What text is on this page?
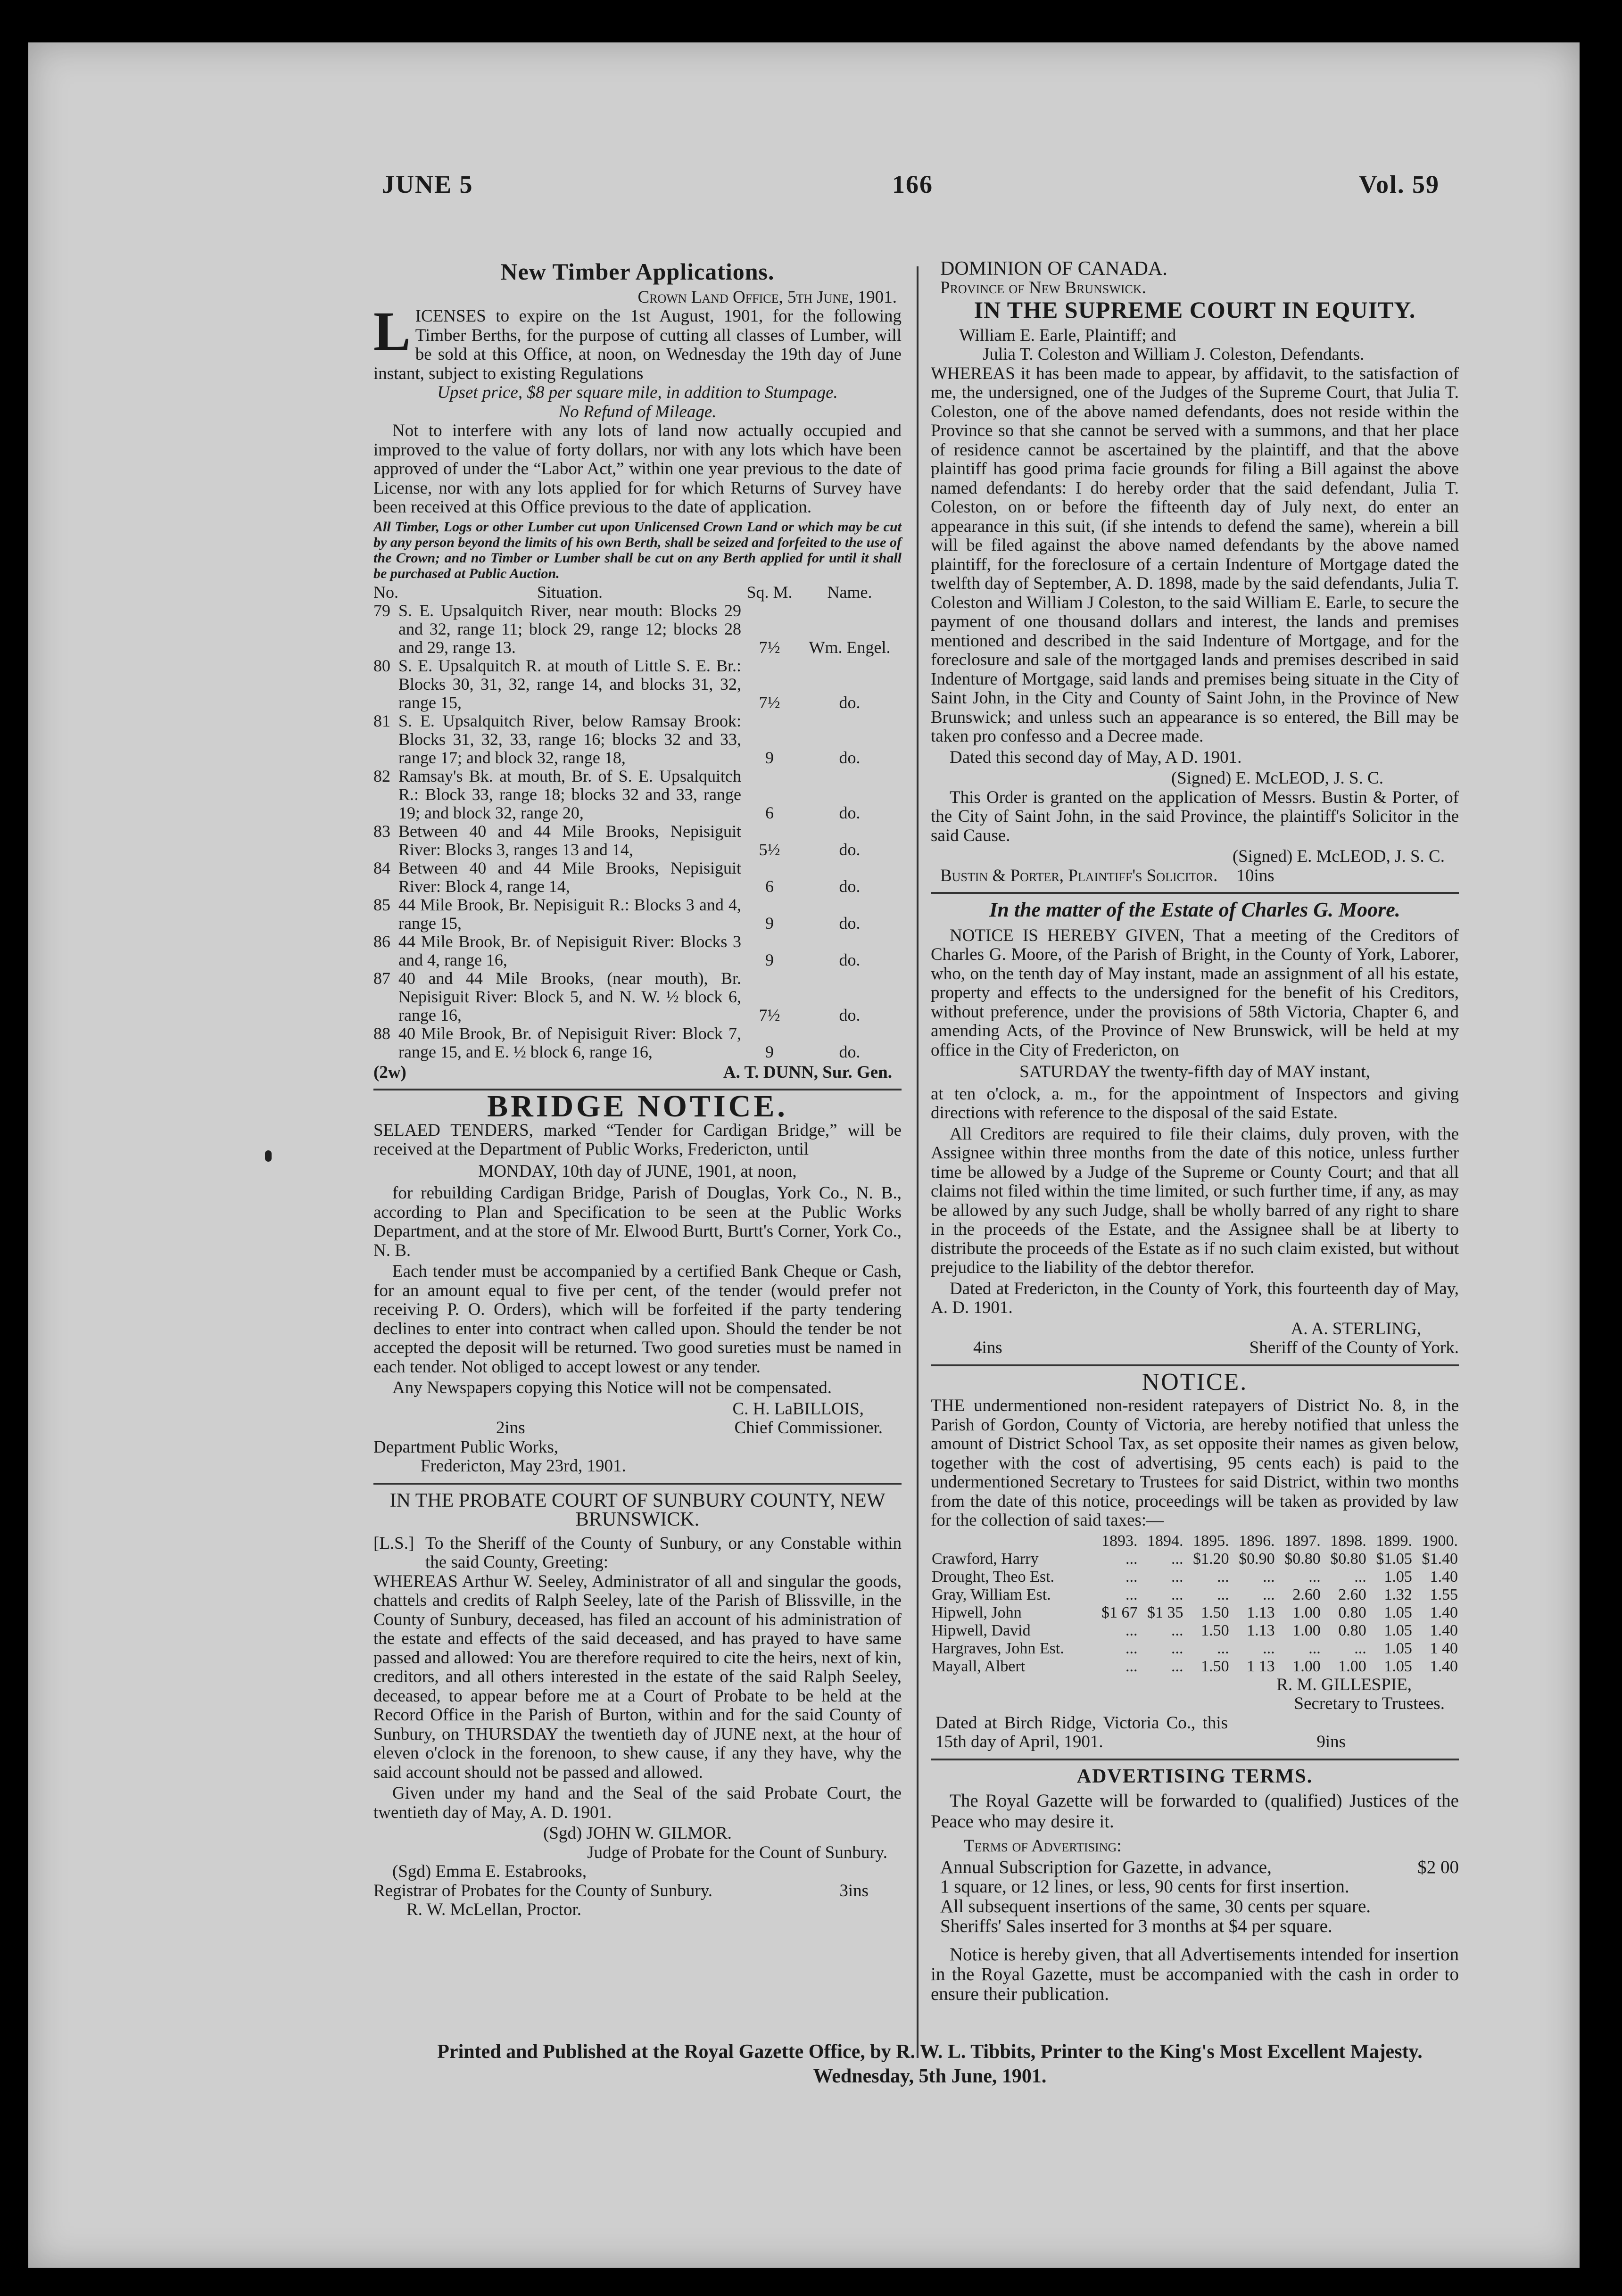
JUNE 5	166	Vol. 59
New Timber Applications.
Crown Land Office, 5th June, 1901.
L ICENSES to expire on the 1st August, 1901, for the following Timber Berths, for the purpose of cutting all classes of Lumber, will be sold at this Office, at noon, on Wednesday the 19th day of June instant, subject to existing Regulations
Upset price, $8 per square mile, in addition to Stumpage.
No Refund of Mileage.
Not to interfere with any lots of land now actually occupied and improved to the value of forty dollars, nor with any lots which have been approved of under the “Labor Act,” within one year previous to the date of License, nor with any lots applied for for which Returns of Survey have been received at this Office previous to the date of application.
All Timber, Logs or other Lumber cut upon Unlicensed Crown Land or which may be cut by any person beyond the limits of his own Berth, shall be seized and forfeited to the use of the Crown; and no Timber or Lumber shall be cut on any Berth applied for until it shall be purchased at Public Auction.
No.	Situation.	Sq. M.	Name.
79	S. E. Upsalquitch River, near mouth: Blocks 29 and 32, range 11; block 29, range 12; blocks 28 and 29, range 13.	7½	Wm. Engel.
80	S. E. Upsalquitch R. at mouth of Little S. E. Br.: Blocks 30, 31, 32, range 14, and blocks 31, 32, range 15,	7½	do.
81	S. E. Upsalquitch River, below Ramsay Brook: Blocks 31, 32, 33, range 16; blocks 32 and 33, range 17; and block 32, range 18,	9	do.
82	Ramsay's Bk. at mouth, Br. of S. E. Upsalquitch R.: Block 33, range 18; blocks 32 and 33, range 19; and block 32, range 20,	6	do.
83	Between 40 and 44 Mile Brooks, Nepisiguit River: Blocks 3, ranges 13 and 14,	5½	do.
84	Between 40 and 44 Mile Brooks, Nepisiguit River: Block 4, range 14,	6	do.
85	44 Mile Brook, Br. Nepisiguit R.: Blocks 3 and 4, range 15,	9	do.
86	44 Mile Brook, Br. of Nepisiguit River: Blocks 3 and 4, range 16,	9	do.
87	40 and 44 Mile Brooks, (near mouth), Br. Nepisiguit River: Block 5, and N. W. ½ block 6, range 16,	7½	do.
88	40 Mile Brook, Br. of Nepisiguit River: Block 7, range 15, and E. ½ block 6, range 16,	9	do.
(2w)	A. T. DUNN, Sur. Gen.
BRIDGE NOTICE.
SELAED TENDERS, marked “Tender for Cardigan Bridge,” will be received at the Department of Public Works, Fredericton, until
MONDAY, 10th day of JUNE, 1901, at noon,
for rebuilding Cardigan Bridge, Parish of Douglas, York Co., N. B., according to Plan and Specification to be seen at the Public Works Department, and at the store of Mr. Elwood Burtt, Burtt's Corner, York Co., N. B.
Each tender must be accompanied by a certified Bank Cheque or Cash, for an amount equal to five per cent, of the tender (would prefer not receiving P. O. Orders), which will be forfeited if the party tendering declines to enter into contract when called upon. Should the tender be not accepted the deposit will be returned. Two good sureties must be named in each tender. Not obliged to accept lowest or any tender.
Any Newspapers copying this Notice will not be compensated.
C. H. LaBILLOIS,
2ins	Chief Commissioner.
Department Public Works,
Fredericton, May 23rd, 1901.
IN THE PROBATE COURT OF SUNBURY COUNTY, NEW BRUNSWICK.
[L.S.] To the Sheriff of the County of Sunbury, or any Constable within the said County, Greeting:
WHEREAS Arthur W. Seeley, Administrator of all and singular the goods, chattels and credits of Ralph Seeley, late of the Parish of Blissville, in the County of Sunbury, deceased, has filed an account of his administration of the estate and effects of the said deceased, and has prayed to have same passed and allowed: You are therefore required to cite the heirs, next of kin, creditors, and all others interested in the estate of the said Ralph Seeley, deceased, to appear before me at a Court of Probate to be held at the Record Office in the Parish of Burton, within and for the said County of Sunbury, on THURSDAY the twentieth day of JUNE next, at the hour of eleven o'clock in the forenoon, to shew cause, if any they have, why the said account should not be passed and allowed.
Given under my hand and the Seal of the said Probate Court, the twentieth day of May, A. D. 1901.
(Sgd) JOHN W. GILMOR.
Judge of Probate for the Count of Sunbury.
(Sgd) Emma E. Estabrooks,
Registrar of Probates for the County of Sunbury.	3ins
R. W. McLellan, Proctor.
DOMINION OF CANADA.
Province of New Brunswick.
IN THE SUPREME COURT IN EQUITY.
William E. Earle, Plaintiff; and
Julia T. Coleston and William J. Coleston, Defendants.
WHEREAS it has been made to appear, by affidavit, to the satisfaction of me, the undersigned, one of the Judges of the Supreme Court, that Julia T. Coleston, one of the above named defendants, does not reside within the Province so that she cannot be served with a summons, and that her place of residence cannot be ascertained by the plaintiff, and that the above plaintiff has good prima facie grounds for filing a Bill against the above named defendants: I do hereby order that the said defendant, Julia T. Coleston, on or before the fifteenth day of July next, do enter an appearance in this suit, (if she intends to defend the same), wherein a bill will be filed against the above named defendants by the above named plaintiff, for the foreclosure of a certain Indenture of Mortgage dated the twelfth day of September, A. D. 1898, made by the said defendants, Julia T. Coleston and William J Coleston, to the said William E. Earle, to secure the payment of one thousand dollars and interest, the lands and premises mentioned and described in the said Indenture of Mortgage, and for the foreclosure and sale of the mortgaged lands and premises described in said Indenture of Mortgage, said lands and premises being situate in the City of Saint John, in the City and County of Saint John, in the Province of New Brunswick; and unless such an appearance is so entered, the Bill may be taken pro confesso and a Decree made.
Dated this second day of May, A D. 1901.
(Signed) E. McLEOD, J. S. C.
This Order is granted on the application of Messrs. Bustin & Porter, of the City of Saint John, in the said Province, the plaintiff's Solicitor in the said Cause.
(Signed) E. McLEOD, J. S. C.
Bustin & Porter, Plaintiff's Solicitor. 10ins
In the matter of the Estate of Charles G. Moore.
NOTICE IS HEREBY GIVEN, That a meeting of the Creditors of Charles G. Moore, of the Parish of Bright, in the County of York, Laborer, who, on the tenth day of May instant, made an assignment of all his estate, property and effects to the undersigned for the benefit of his Creditors, without preference, under the provisions of 58th Victoria, Chapter 6, and amending Acts, of the Province of New Brunswick, will be held at my office in the City of Fredericton, on
SATURDAY the twenty-fifth day of MAY instant,
at ten o'clock, a. m., for the appointment of Inspectors and giving directions with reference to the disposal of the said Estate.
All Creditors are required to file their claims, duly proven, with the Assignee within three months from the date of this notice, unless further time be allowed by a Judge of the Supreme or County Court; and that all claims not filed within the time limited, or such further time, if any, as may be allowed by any such Judge, shall be wholly barred of any right to share in the proceeds of the Estate, and the Assignee shall be at liberty to distribute the proceeds of the Estate as if no such claim existed, but without prejudice to the liability of the debtor therefor.
Dated at Fredericton, in the County of York, this fourteenth day of May, A. D. 1901.
A. A. STERLING,
4ins	Sheriff of the County of York.
NOTICE.
THE undermentioned non-resident ratepayers of District No. 8, in the Parish of Gordon, County of Victoria, are hereby notified that unless the amount of District School Tax, as set opposite their names as given below, together with the cost of advertising, 95 cents each) is paid to the undermentioned Secretary to Trustees for said District, within two months from the date of this notice, proceedings will be taken as provided by law for the collection of said taxes:—
	1893.	1894.	1895.	1896.	1897.	1898.	1899.	1900.
Crawford, Harry	...	...	$1.20	$0.90	$0.80	$0.80	$1.05	$1.40
Drought, Theo Est.	...	...	...	...	...	...	1.05	1.40
Gray, William Est.	...	...	...	...	2.60	2.60	1.32	1.55
Hipwell, John	$1 67	$1 35	1.50	1.13	1.00	0.80	1.05	1.40
Hipwell, David	...	...	1.50	1.13	1.00	0.80	1.05	1.40
Hargraves, John Est.	...	...	...	...	...	...	1.05	1 40
Mayall, Albert	...	...	1.50	1 13	1.00	1.00	1.05	1.40
R. M. GILLESPIE,
Secretary to Trustees.
Dated at Birch Ridge, Victoria Co., this 15th day of April, 1901.	9ins
ADVERTISING TERMS.
The Royal Gazette will be forwarded to (qualified) Justices of the Peace who may desire it.
Terms of Advertising:
Annual Subscription for Gazette, in advance,	$2 00
1 square, or 12 lines, or less, 90 cents for first insertion.
All subsequent insertions of the same, 30 cents per square.
Sheriffs' Sales inserted for 3 months at $4 per square.
Notice is hereby given, that all Advertisements intended for insertion in the Royal Gazette, must be accompanied with the cash in order to ensure their publication.
Printed and Published at the Royal Gazette Office, by R. W. L. Tibbits, Printer to the King's Most Excellent Majesty.
Wednesday, 5th June, 1901.
